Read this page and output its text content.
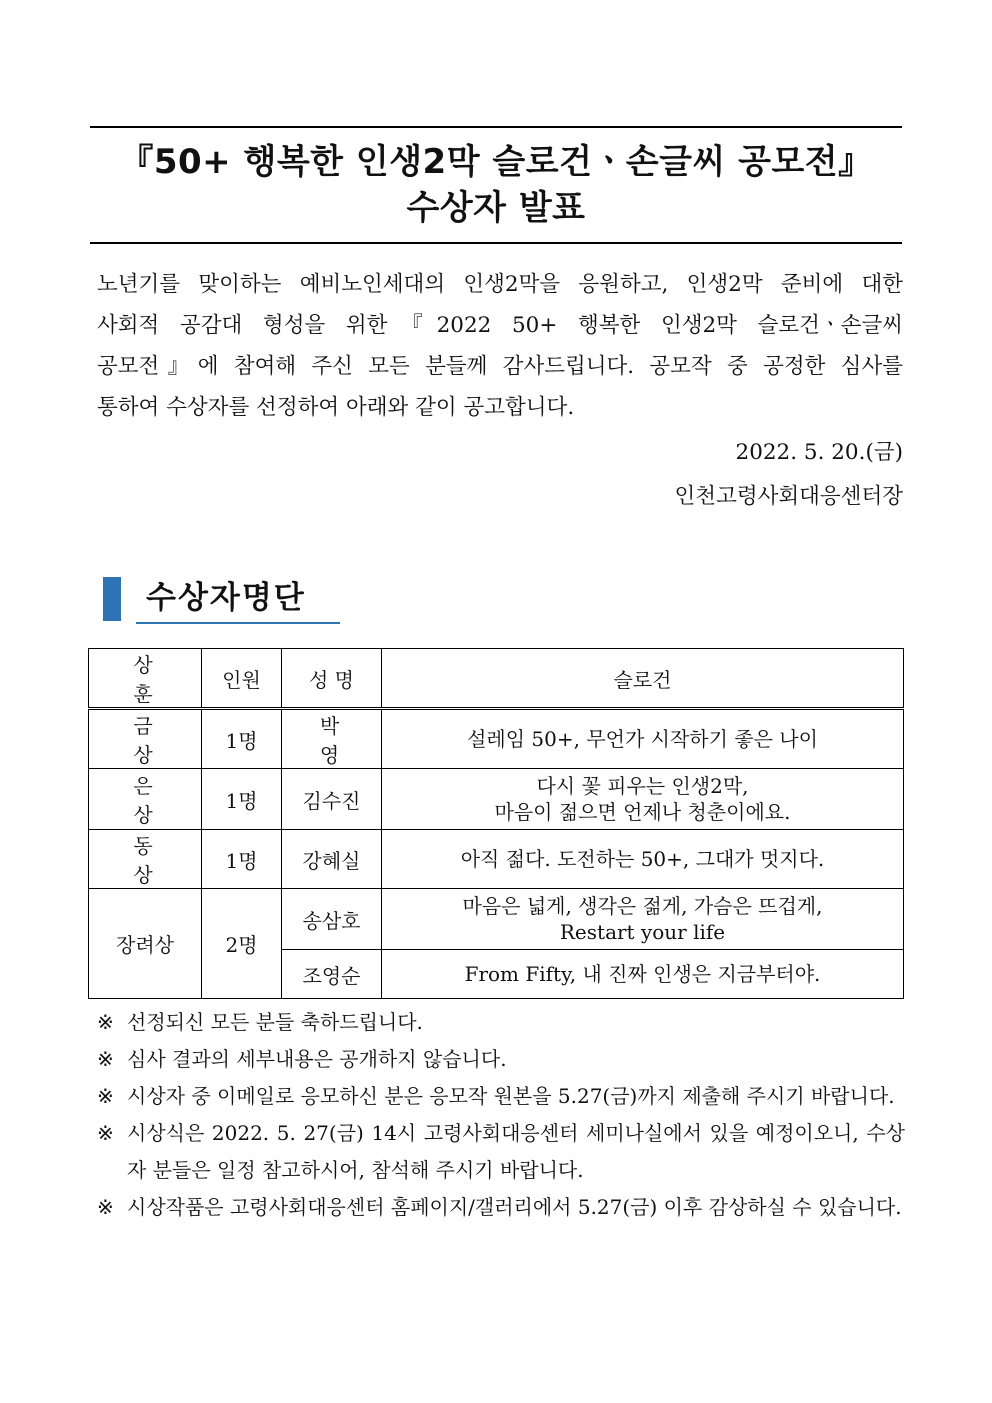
『50+ 행복한 인생2막 슬로건ㆍ손글씨 공모전』
수상자 발표
노년기를 맞이하는 예비노인세대의 인생2막을 응원하고, 인생2막 준비에 대한
사회적 공감대 형성을 위한『2022 50+ 행복한 인생2막 슬로건ㆍ손글씨
공모전』에 참여해 주신 모든 분들께 감사드립니다. 공모작 중 공정한 심사를
통하여 수상자를 선정하여 아래와 같이 공고합니다.
2022. 5. 20.(금)
인천고령사회대응센터장
수상자명단
상 훈	인원	성 명	슬로건
금 상	1명	박 영	설레임 50+, 무언가 시작하기 좋은 나이

은 상	1명	김수진	다시 꽃 피우는 인생2막,
마음이 젊으면 언제나 청춘이에요.

동 상	1명	강혜실	아직 젊다. 도전하는 50+, 그대가 멋지다.

장려상	2명	송삼호	마음은 넓게, 생각은 젊게, 가슴은 뜨겁게,
Restart your life

		조영순	From Fifty, 내 진짜 인생은 지금부터야.
※ 선정되신 모든 분들 축하드립니다.
※ 심사 결과의 세부내용은 공개하지 않습니다.
※ 시상자 중 이메일로 응모하신 분은 응모작 원본을 5.27(금)까지 제출해 주시기 바랍니다.
※ 시상식은 2022. 5. 27(금) 14시 고령사회대응센터 세미나실에서 있을 예정이오니, 수상자 분들은 일정 참고하시어, 참석해 주시기 바랍니다.
※ 시상작품은 고령사회대응센터 홈페이지/갤러리에서 5.27(금) 이후 감상하실 수 있습니다.
